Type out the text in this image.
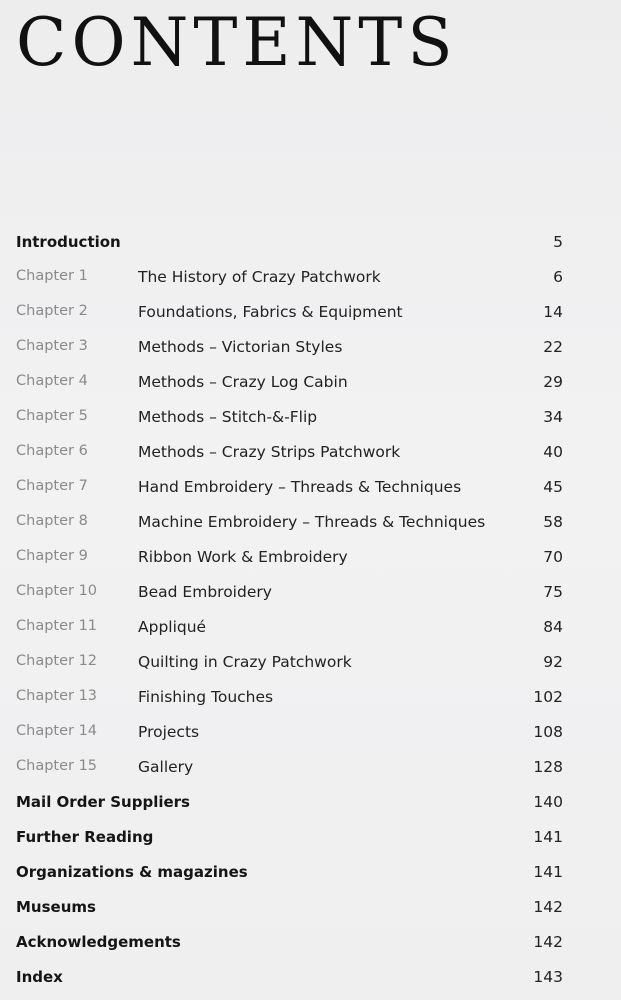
CONTENTS
Introduction	5
Chapter 1	The History of Crazy Patchwork	6
Chapter 2	Foundations, Fabrics & Equipment	14
Chapter 3	Methods – Victorian Styles	22
Chapter 4	Methods – Crazy Log Cabin	29
Chapter 5	Methods – Stitch-&-Flip	34
Chapter 6	Methods – Crazy Strips Patchwork	40
Chapter 7	Hand Embroidery – Threads & Techniques	45
Chapter 8	Machine Embroidery – Threads & Techniques	58
Chapter 9	Ribbon Work & Embroidery	70
Chapter 10	Bead Embroidery	75
Chapter 11	Appliqué	84
Chapter 12	Quilting in Crazy Patchwork	92
Chapter 13	Finishing Touches	102
Chapter 14	Projects	108
Chapter 15	Gallery	128
Mail Order Suppliers	140
Further Reading	141
Organizations & magazines	141
Museums	142
Acknowledgements	142
Index	143
